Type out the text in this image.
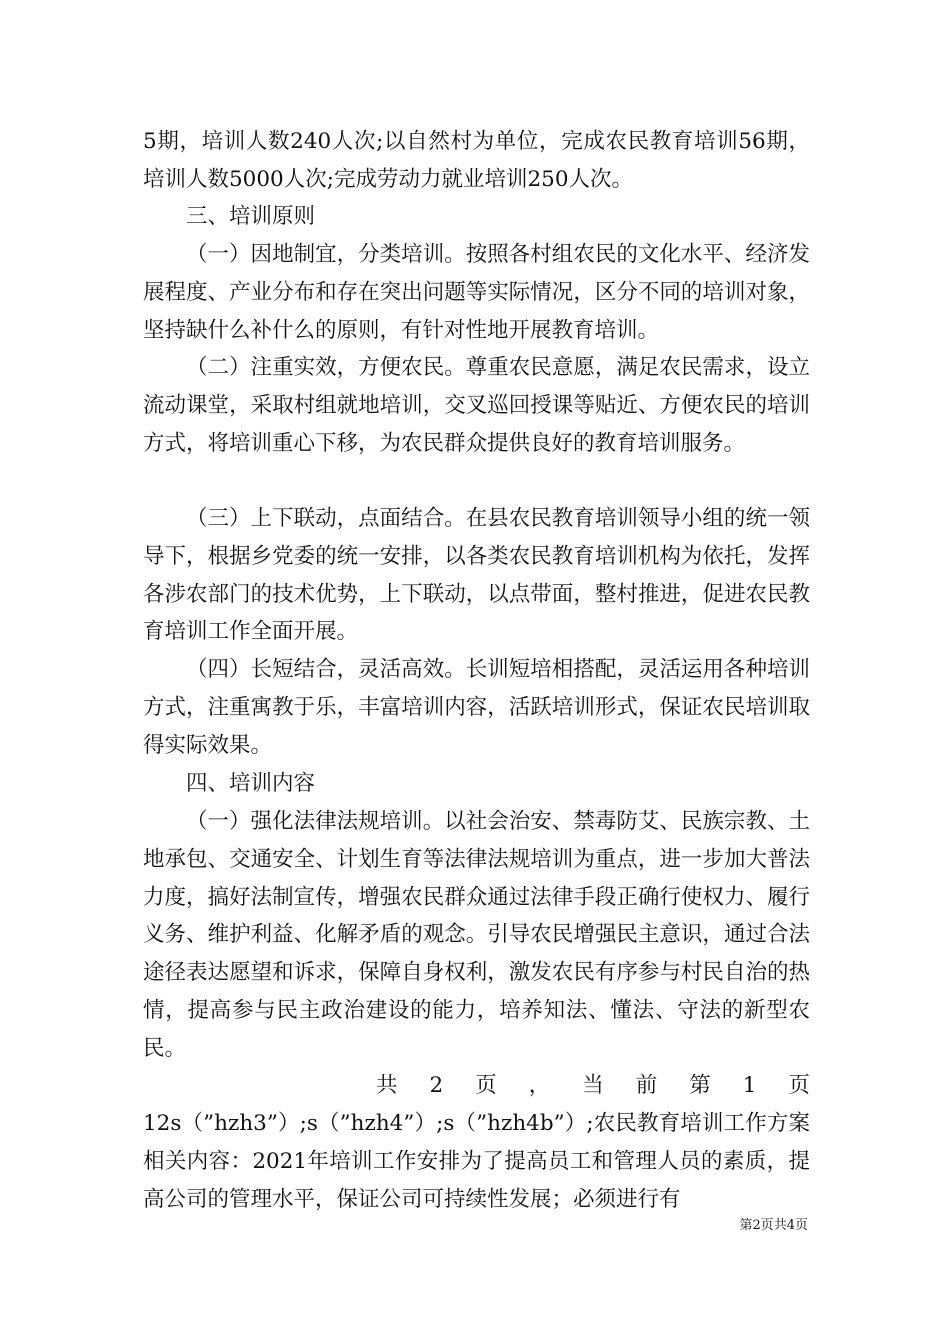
5期，培训人数240人次;以自然村为单位，完成农民教育培训56期，培训人数5000人次;完成劳动力就业培训250人次。

三、培训原则

（一）因地制宜，分类培训。按照各村组农民的文化水平、经济发展程度、产业分布和存在突出问题等实际情况，区分不同的培训对象，坚持缺什么补什么的原则，有针对性地开展教育培训。

（二）注重实效，方便农民。尊重农民意愿，满足农民需求，设立流动课堂，采取村组就地培训，交叉巡回授课等贴近、方便农民的培训方式，将培训重心下移，为农民群众提供良好的教育培训服务。

（三）上下联动，点面结合。在县农民教育培训领导小组的统一领导下，根据乡党委的统一安排，以各类农民教育培训机构为依托，发挥各涉农部门的技术优势，上下联动，以点带面，整村推进，促进农民教育培训工作全面开展。

（四）长短结合，灵活高效。长训短培相搭配，灵活运用各种培训方式，注重寓教于乐，丰富培训内容，活跃培训形式，保证农民培训取得实际效果。

四、培训内容

（一）强化法律法规培训。以社会治安、禁毒防艾、民族宗教、土地承包、交通安全、计划生育等法律法规培训为重点，进一步加大普法力度，搞好法制宣传，增强农民群众通过法律手段正确行使权力、履行义务、维护利益、化解矛盾的观念。引导农民增强民主意识，通过合法途径表达愿望和诉求，保障自身权利，激发农民有序参与村民自治的热情，提高参与民主政治建设的能力，培养知法、懂法、守法的新型农民。

共 2 页 ， 当 前 第 1 页

12s（”hzh3”）;s（”hzh4”）;s（”hzh4b”）;农民教育培训工作方案相关内容：2021年培训工作安排为了提高员工和管理人员的素质，提高公司的管理水平，保证公司可持续性发展；必须进行有

第2页共4页
